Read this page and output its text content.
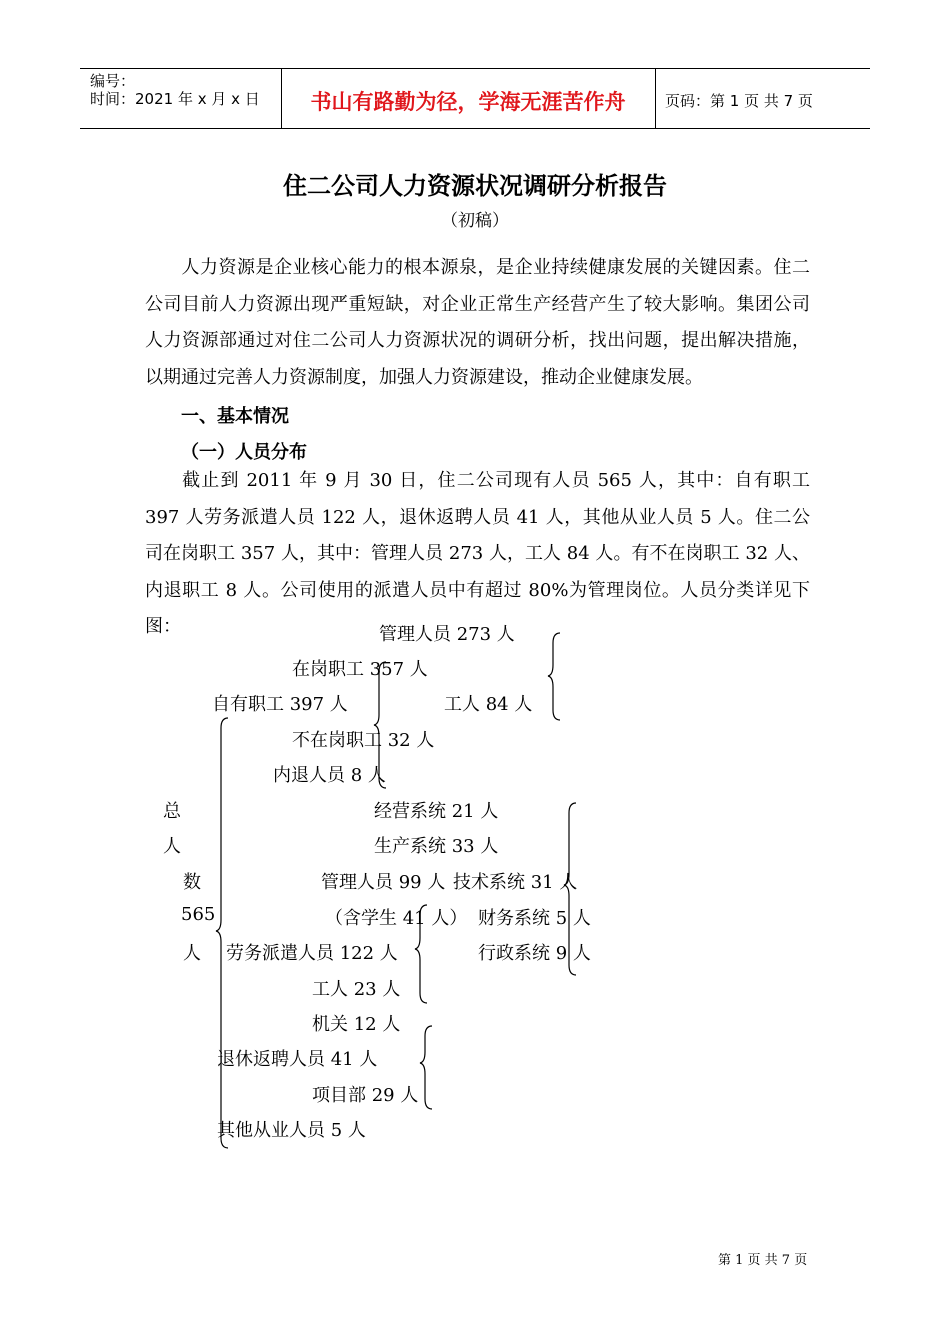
编号：
时间：2021 年 x 月 x 日	书山有路勤为径，学海无涯苦作舟	页码：第 1 页 共 7 页
住二公司人力资源状况调研分析报告
（初稿）
人力资源是企业核心能力的根本源泉，是企业持续健康发展的关键因素。住二公司目前人力资源出现严重短缺，对企业正常生产经营产生了较大影响。集团公司人力资源部通过对住二公司人力资源状况的调研分析，找出问题，提出解决措施，以期通过完善人力资源制度，加强人力资源建设，推动企业健康发展。
一、基本情况
（一）人员分布
截止到 2011 年 9 月 30 日，住二公司现有人员 565 人，其中：自有职工 397 人劳务派遣人员 122 人，退休返聘人员 41 人，其他从业人员 5 人。住二公司在岗职工 357 人，其中：管理人员 273 人，工人 84 人。有不在岗职工 32 人、内退职工 8 人。公司使用的派遣人员中有超过 80%为管理岗位。人员分类详见下图：
总
人
数
565
人
管理人员 273 人
在岗职工 357 人
自有职工 397 人	工人 84 人
不在岗职工 32 人
内退人员 8 人
经营系统 21 人
生产系统 33 人
管理人员 99 人 技术系统 31 人
（含学生 41 人） 财务系统 5 人
劳务派遣人员 122 人	行政系统 9 人
工人 23 人
机关 12 人
退休返聘人员 41 人
项目部 29 人
其他从业人员 5 人
第 1 页 共 7 页
